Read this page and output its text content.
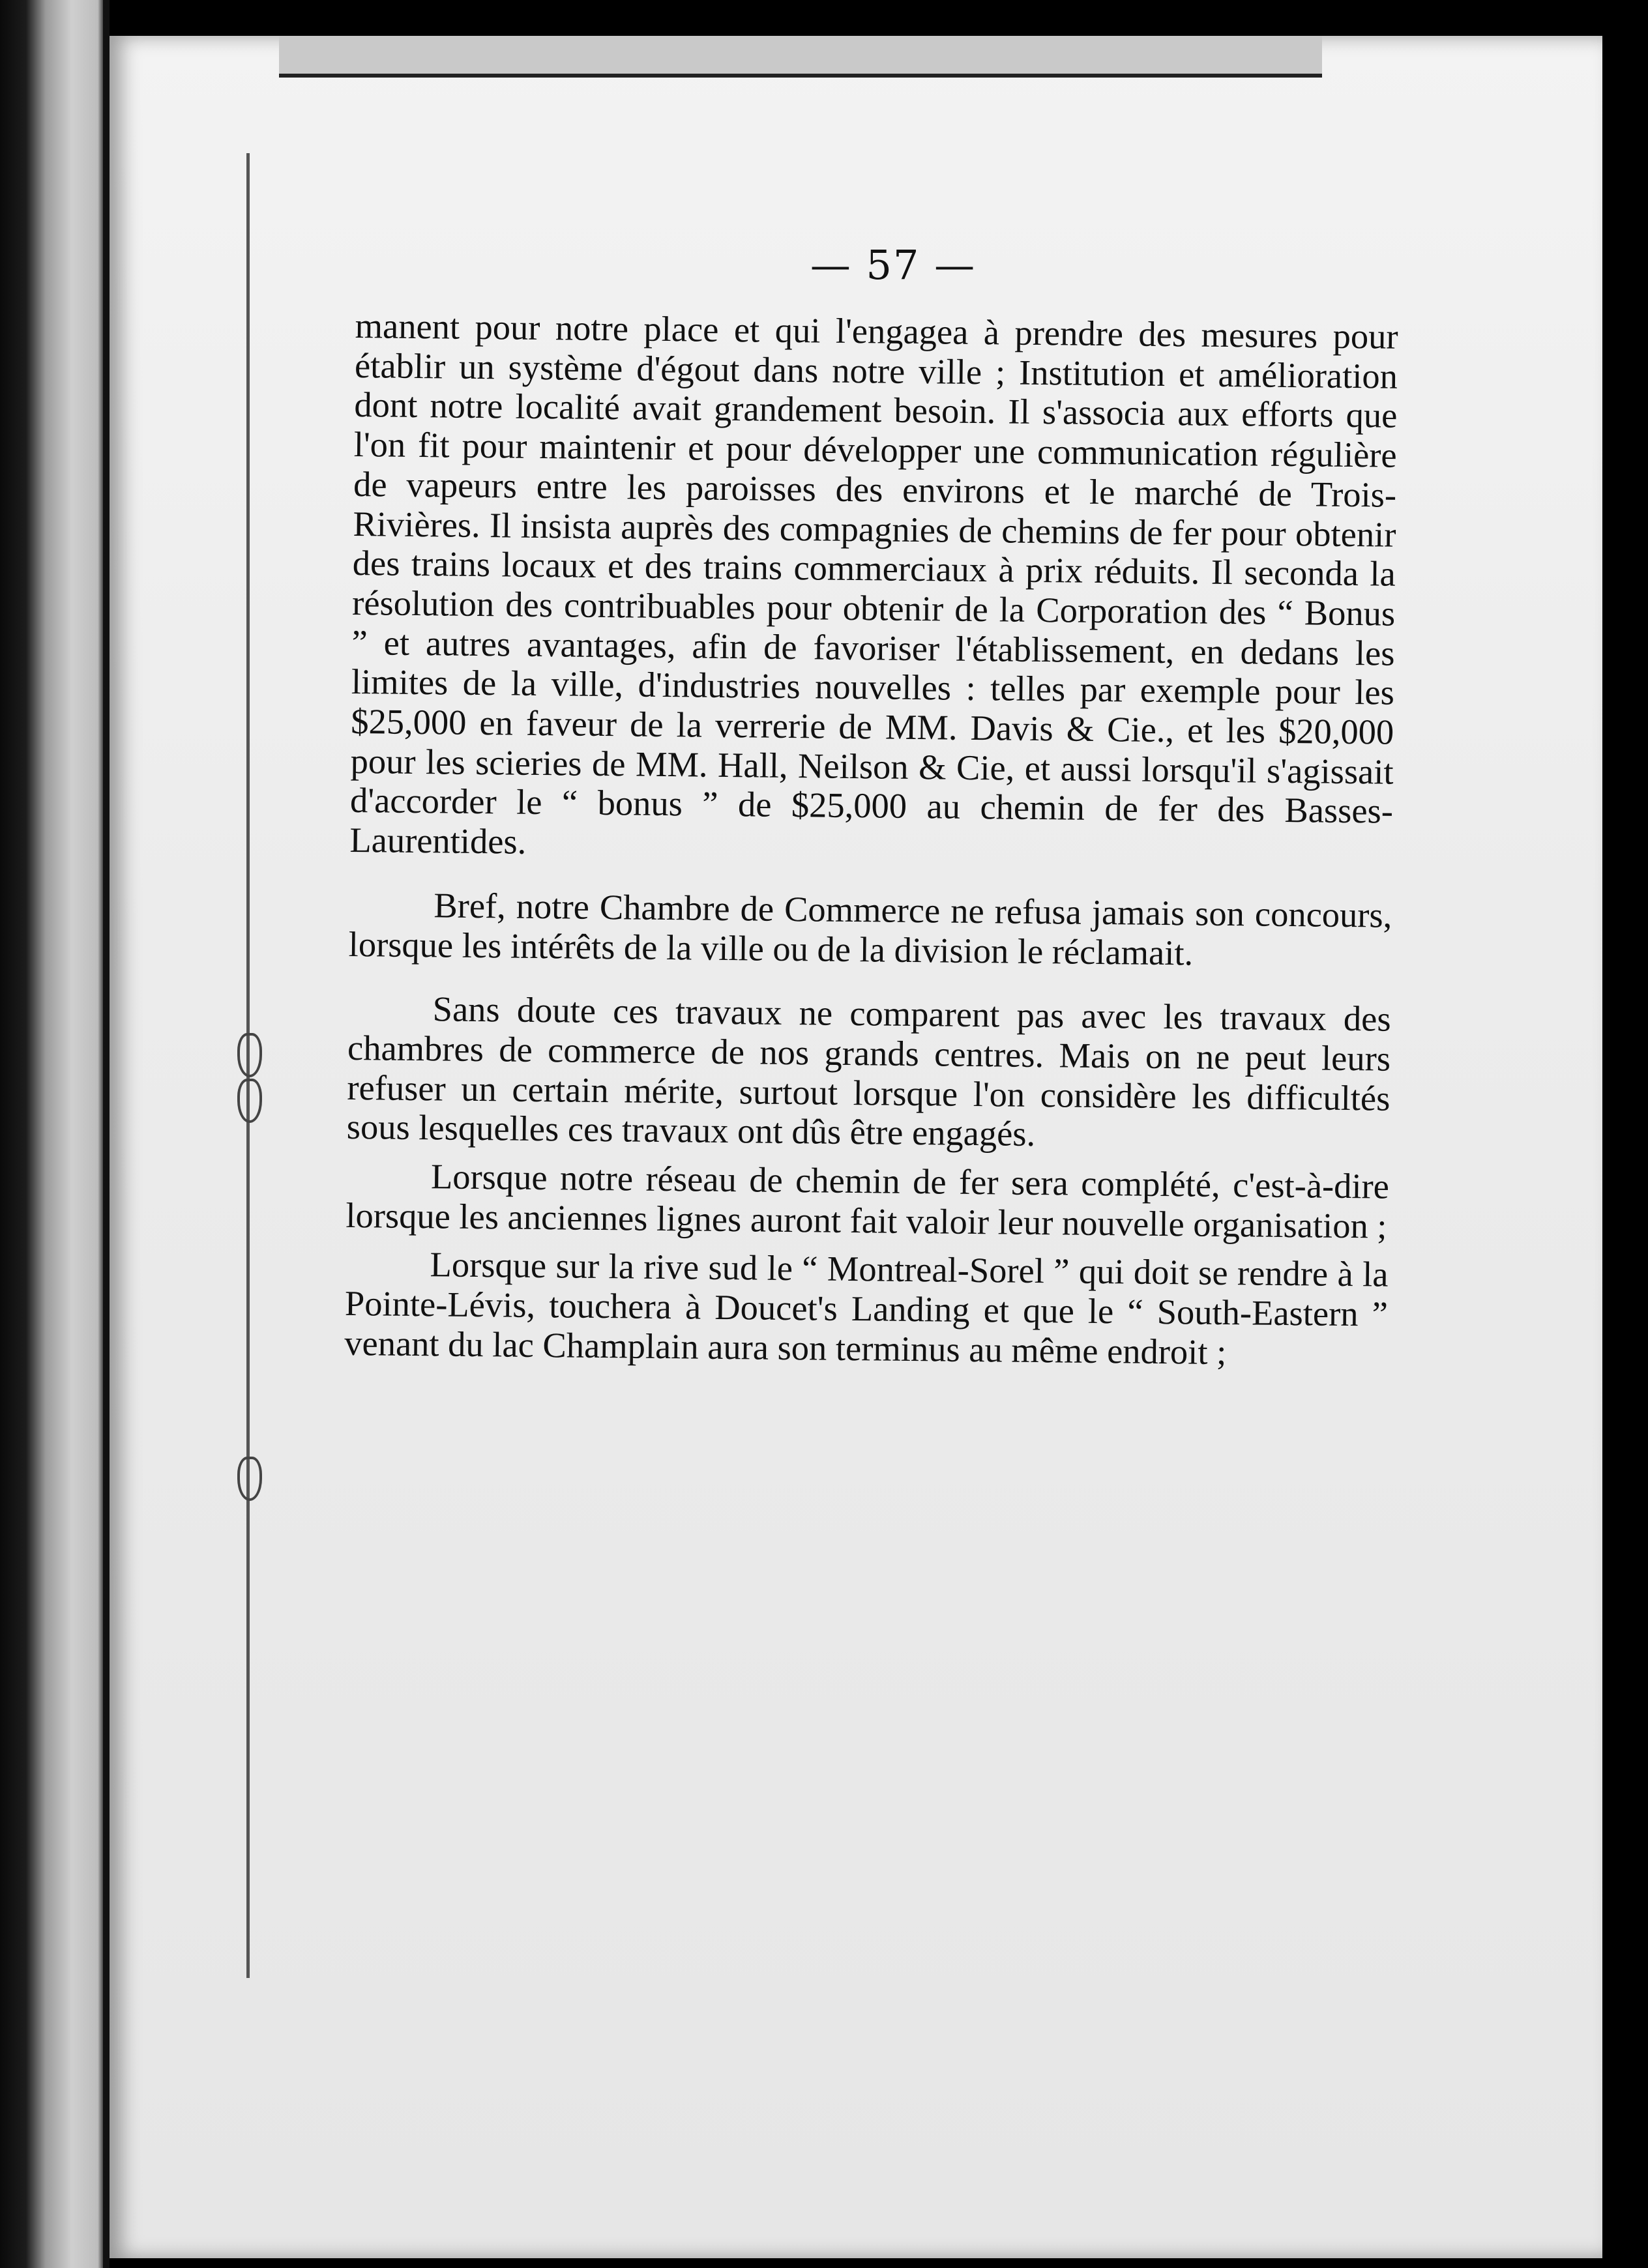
— 57 —

manent pour notre place et qui l'engagea à prendre des mesures pour établir un système d'égout dans notre ville ; Institution et amélioration dont notre localité avait grandement besoin. Il s'associa aux efforts que l'on fit pour maintenir et pour développer une communication régulière de vapeurs entre les paroisses des environs et le marché de Trois-Rivières. Il insista auprès des compagnies de chemins de fer pour obtenir des trains locaux et des trains commerciaux à prix réduits. Il seconda la résolution des contribuables pour obtenir de la Corporation des “ Bonus ” et autres avantages, afin de favoriser l'établissement, en dedans les limites de la ville, d'industries nouvelles : telles par exemple pour les $25,000 en faveur de la verrerie de MM. Davis & Cie., et les $20,000 pour les scieries de MM. Hall, Neilson & Cie, et aussi lorsqu'il s'agissait d'accorder le “ bonus ” de $25,000 au chemin de fer des Basses-Laurentides.

Bref, notre Chambre de Commerce ne refusa jamais son concours, lorsque les intérêts de la ville ou de la division le réclamait.

Sans doute ces travaux ne comparent pas avec les travaux des chambres de commerce de nos grands centres. Mais on ne peut leurs refuser un certain mérite, surtout lorsque l'on considère les difficultés sous lesquelles ces travaux ont dûs être engagés.

Lorsque notre réseau de chemin de fer sera complété, c'est-à-dire lorsque les anciennes lignes auront fait valoir leur nouvelle organisation ;

Lorsque sur la rive sud le “ Montreal-Sorel ” qui doit se rendre à la Pointe-Lévis, touchera à Doucet's Landing et que le “ South-Eastern ” venant du lac Champlain aura son terminus au même endroit ;
